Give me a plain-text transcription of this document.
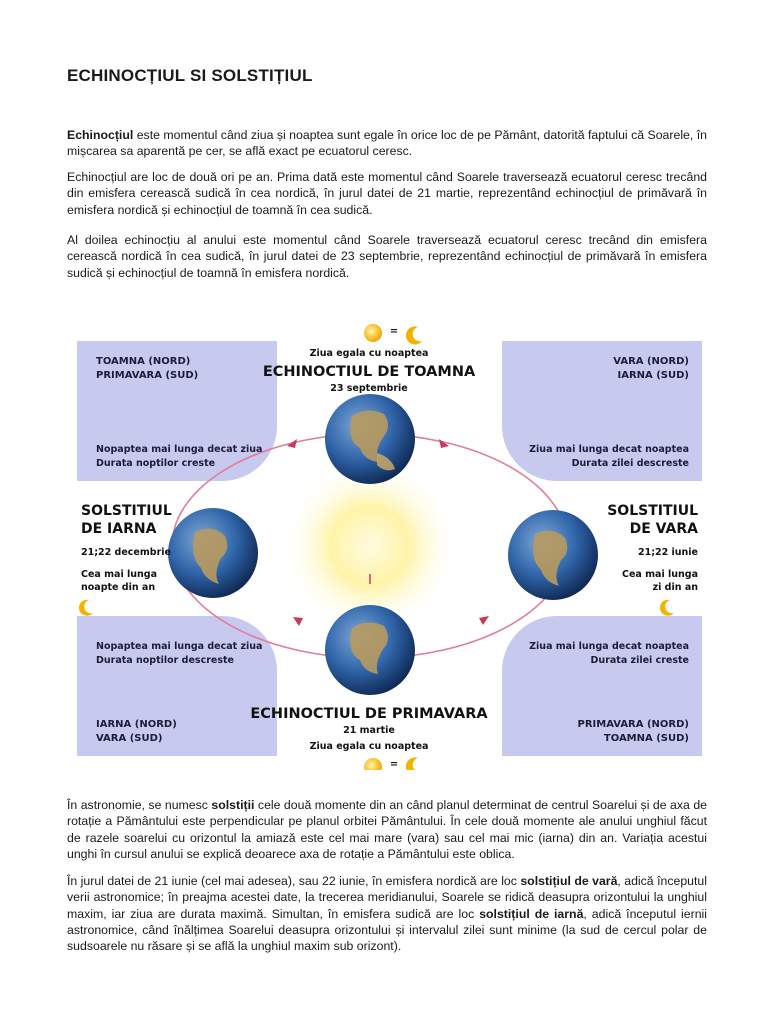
ECHINOCȚIUL SI SOLSTIȚIUL
Echinocțiul este momentul când ziua și noaptea sunt egale în orice loc de pe Pământ, datorită faptului că Soarele, în mișcarea sa aparentă pe cer, se află exact pe ecuatorul ceresc.
Echinocțiul are loc de două ori pe an. Prima dată este momentul când Soarele traversează ecuatorul ceresc trecând din emisfera cerească sudică în cea nordică, în jurul datei de 21 martie, reprezentând echinocțiul de primăvară în emisfera nordică și echinocțiul de toamnă în cea sudică.
Al doilea echinocțiu al anului este momentul când Soarele traversează ecuatorul ceresc trecând din emisfera cerească nordică în cea sudică, în jurul datei de 23 septembrie, reprezentând echinocțiul de primăvară în emisfera sudică și echinocțiul de toamnă în emisfera nordică.
=
Ziua egala cu noaptea
ECHINOCTIUL DE TOAMNA
23 septembrie
ECHINOCTIUL DE PRIMAVARA
21 martie
Ziua egala cu noaptea
=
SOLSTITIUL
DE IARNA
21;22 decembrie
Cea mai lunga
noapte din an
SOLSTITIUL
DE VARA
21;22 iunie
Cea mai lunga
zi din an
TOAMNA (NORD)
PRIMAVARA (SUD)
Nopaptea mai lunga decat ziua
Durata noptilor creste
VARA (NORD)
IARNA (SUD)
Ziua mai lunga decat noaptea
Durata zilei descreste
Nopaptea mai lunga decat ziua
Durata noptilor descreste
IARNA (NORD)
VARA (SUD)
Ziua mai lunga decat noaptea
Durata zilei creste
PRIMAVARA (NORD)
TOAMNA (SUD)
În astronomie, se numesc solstiții cele două momente din an când planul determinat de centrul Soarelui și de axa de rotație a Pământului este perpendicular pe planul orbitei Pământului. În cele două momente ale anului unghiul făcut de razele soarelui cu orizontul la amiază este cel mai mare (vara) sau cel mai mic (iarna) din an. Variația acestui unghi în cursul anului se explică deoarece axa de rotație a Pământului este oblica.
În jurul datei de 21 iunie (cel mai adesea), sau 22 iunie, în emisfera nordică are loc solstițiul de vară, adică începutul verii astronomice; în preajma acestei date, la trecerea meridianului, Soarele se ridică deasupra orizontului la unghiul maxim, iar ziua are durata maximă. Simultan, în emisfera sudică are loc solstițiul de iarnă, adică începutul iernii astronomice, când înălțimea Soarelui deasupra orizontului și intervalul zilei sunt minime (la sud de cercul polar de sudsoarele nu răsare și se află la unghiul maxim sub orizont).
